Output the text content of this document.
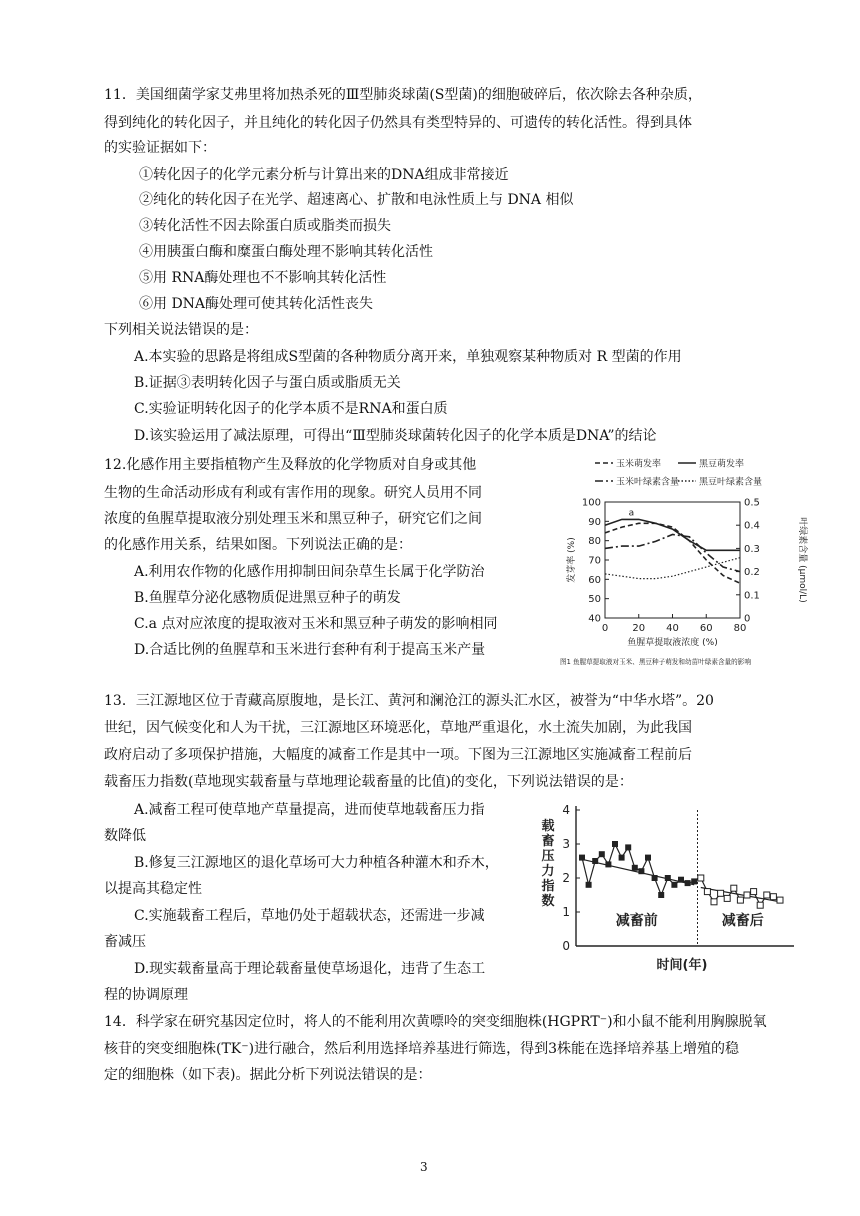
11．美国细菌学家艾弗里将加热杀死的Ⅲ型肺炎球菌(S型菌)的细胞破碎后，依次除去各种杂质，
得到纯化的转化因子，并且纯化的转化因子仍然具有类型特异的、可遗传的转化活性。得到具体
的实验证据如下：
①转化因子的化学元素分析与计算出来的DNA组成非常接近
②纯化的转化因子在光学、超速离心、扩散和电泳性质上与 DNA 相似
③转化活性不因去除蛋白质或脂类而损失
④用胰蛋白酶和糜蛋白酶处理不影响其转化活性
⑤用 RNA酶处理也不不影响其转化活性
⑥用 DNA酶处理可使其转化活性丧失
下列相关说法错误的是：
A.本实验的思路是将组成S型菌的各种物质分离开来，单独观察某种物质对 R 型菌的作用
B.证据③表明转化因子与蛋白质或脂质无关
C.实验证明转化因子的化学本质不是RNA和蛋白质
D.该实验运用了减法原理，可得出“Ⅲ型肺炎球菌转化因子的化学本质是DNA”的结论
12.化感作用主要指植物产生及释放的化学物质对自身或其他
生物的生命活动形成有利或有害作用的现象。研究人员用不同
浓度的鱼腥草提取液分别处理玉米和黑豆种子，研究它们之间
的化感作用关系，结果如图。下列说法正确的是：
A.利用农作物的化感作用抑制田间杂草生长属于化学防治
B.鱼腥草分泌化感物质促进黑豆种子的萌发
C.a 点对应浓度的提取液对玉米和黑豆种子萌发的影响相同
D.合适比例的鱼腥草和玉米进行套种有利于提高玉米产量
玉米萌发率	黑豆萌发率
玉米叶绿素含量 黑豆叶绿素含量
40
50
60
70
80
90
100
0
0.1
0.2
0.3
0.4
0.5
0 20 40 60 80
发芽率 (%)	叶绿素含量 (μmol/L)
鱼腥草提取液浓度 (%)
a
图1 鱼腥草提取液对玉米、黑豆种子萌发和幼苗叶绿素含量的影响
13．三江源地区位于青藏高原腹地，是长江、黄河和澜沧江的源头汇水区，被誉为“中华水塔”。20
世纪，因气候变化和人为干扰，三江源地区环境恶化，草地严重退化，水土流失加剧，为此我国
政府启动了多项保护措施，大幅度的减畜工作是其中一项。下图为三江源地区实施减畜工程前后
载畜压力指数(草地现实载畜量与草地理论载畜量的比值)的变化，下列说法错误的是：
A.减畜工程可使草地产草量提高，进而使草地载畜压力指
数降低
B.修复三江源地区的退化草场可大力种植各种灌木和乔木，
以提高其稳定性
C.实施载畜工程后，草地仍处于超载状态，还需进一步减
畜减压
D.现实载畜量高于理论载畜量使草场退化，违背了生态工
程的协调原理
0
1
2
3
4
载
畜
压
力
指
数
减畜前	减畜后
时间(年)
14．科学家在研究基因定位时，将人的不能利用次黄嘌呤的突变细胞株(HGPRT⁻)和小鼠不能利用胸腺脱氧
核苷的突变细胞株(TK⁻)进行融合，然后利用选择培养基进行筛选，得到3株能在选择培养基上增殖的稳
定的细胞株（如下表)。据此分析下列说法错误的是：
3
